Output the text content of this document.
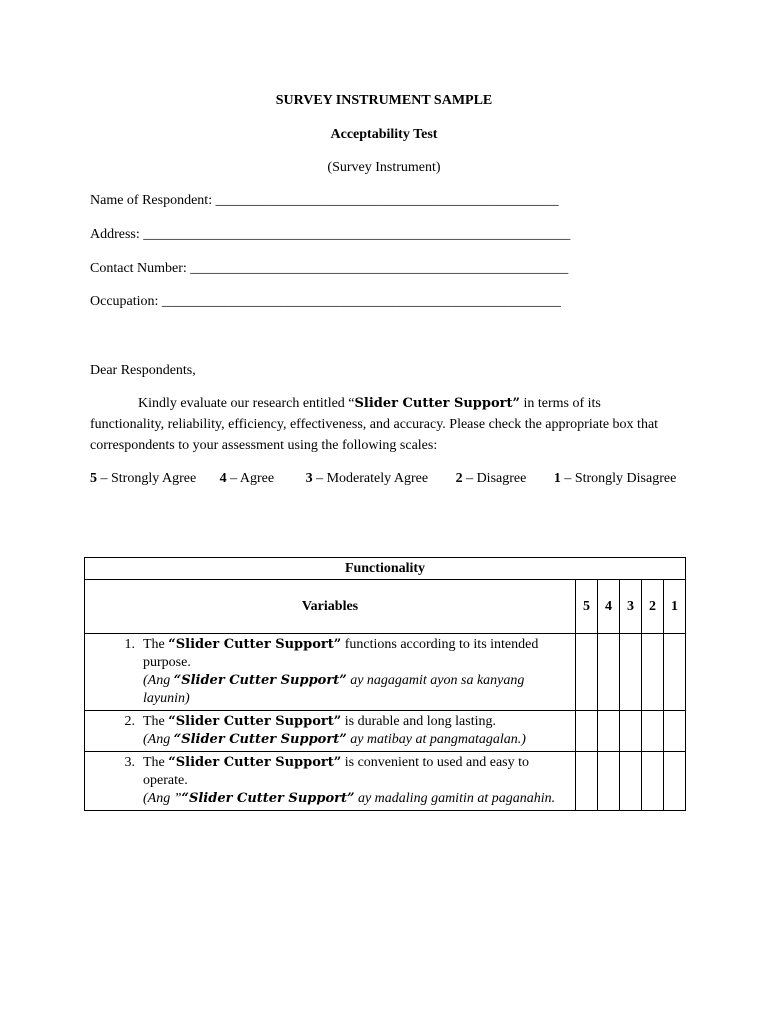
SURVEY INSTRUMENT SAMPLE
Acceptability Test
(Survey Instrument)
Name of Respondent: _________________________________________________
Address: _____________________________________________________________
Contact Number: ______________________________________________________
Occupation: _________________________________________________________
Dear Respondents,
Kindly evaluate our research entitled “Slider Cutter Support” in terms of its functionality, reliability, efficiency, effectiveness, and accuracy. Please check the appropriate box that correspondents to your assessment using the following scales:
5 – Strongly Agree 4 – Agree 3 – Moderately Agree 2 – Disagree 1 – Strongly Disagree
Functionality					
Variables	5	4	3	2	1

1. The “Slider Cutter Support” functions according to its intended purpose.
(Ang “Slider Cutter Support” ay nagagamit ayon sa kanyang layunin)					

2. The “Slider Cutter Support” is durable and long lasting.
(Ang “Slider Cutter Support” ay matibay at pangmatagalan.)					

3. The “Slider Cutter Support” is convenient to used and easy to operate.
(Ang ”“Slider Cutter Support” ay madaling gamitin at paganahin.					
